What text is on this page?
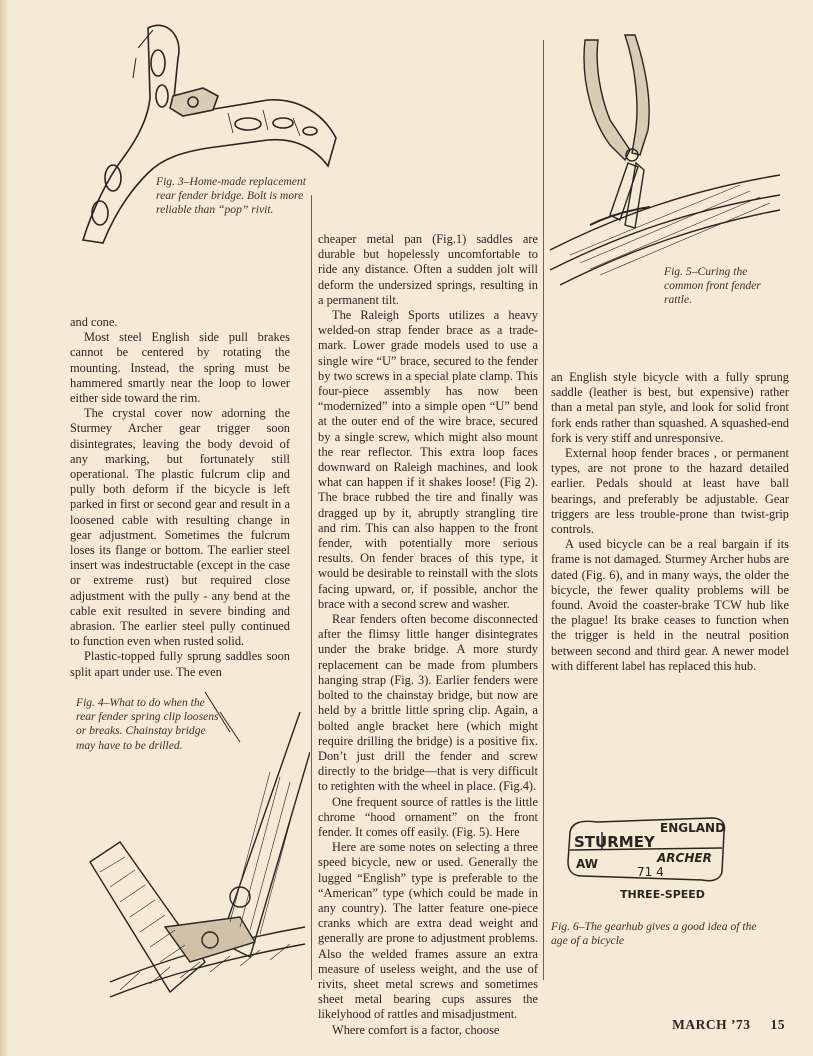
Fig. 3–Home-made replacement rear fender bridge. Bolt is more reliable than “pop” rivit.
Fig. 4–What to do when the rear fender spring clip loosens or breaks. Chainstay bridge may have to be drilled.
Fig. 5–Curing the common front fender rattle.
ENGLAND
STURMEY
ARCHER
AW
71 4
THREE-SPEED
Fig. 6–The gearhub gives a good idea of the age of a bicycle

and cone.

Most steel English side pull brakes cannot be centered by rotating the mounting. Instead, the spring must be hammered smartly near the loop to lower either side toward the rim.

The crystal cover now adorning the Sturmey Archer gear trigger soon disintegrates, leaving the body devoid of any marking, but fortunately still operational. The plastic fulcrum clip and pully both deform if the bicycle is left parked in first or second gear and result in a loosened cable with resulting change in gear adjustment. Sometimes the fulcrum loses its flange or bottom. The earlier steel insert was indestructable (except in the case or extreme rust) but required close adjustment with the pully - any bend at the cable exit resulted in severe binding and abrasion. The earlier steel pully continued to function even when rusted solid.

Plastic-topped fully sprung saddles soon split apart under use. The even

cheaper metal pan (Fig.1) saddles are durable but hopelessly uncomfortable to ride any distance. Often a sudden jolt will deform the undersized springs, resulting in a permanent tilt.

The Raleigh Sports utilizes a heavy welded-on strap fender brace as a trade-mark. Lower grade models used to use a single wire “U” brace, secured to the fender by two screws in a special plate clamp. This four-piece assembly has now been “modernized” into a simple open “U” bend at the outer end of the wire brace, secured by a single screw, which might also mount the rear reflector. This extra loop faces downward on Raleigh machines, and look what can happen if it shakes loose! (Fig 2). The brace rubbed the tire and finally was dragged up by it, abruptly strangling tire and rim. This can also happen to the front fender, with potentially more serious results. On fender braces of this type, it would be desirable to reinstall with the slots facing upward, or, if possible, anchor the brace with a second screw and washer.

Rear fenders often become disconnected after the flimsy little hanger disintegrates under the brake bridge. A more sturdy replacement can be made from plumbers hanging strap (Fig. 3). Earlier fenders were bolted to the chainstay bridge, but now are held by a brittle little spring clip. Again, a bolted angle bracket here (which might require drilling the bridge) is a positive fix. Don’t just drill the fender and screw directly to the bridge—that is very difficult to retighten with the wheel in place. (Fig.4).

One frequent source of rattles is the little chrome “hood ornament” on the front fender. It comes off easily. (Fig. 5). Here

Here are some notes on selecting a three speed bicycle, new or used. Generally the lugged “English” type is preferable to the “American” type (which could be made in any country). The latter feature one-piece cranks which are extra dead weight and generally are prone to adjustment problems. Also the welded frames assure an extra measure of useless weight, and the use of rivits, sheet metal screws and sometimes sheet metal bearing cups assures the likelyhood of rattles and misadjustment.

Where comfort is a factor, choose

an English style bicycle with a fully sprung saddle (leather is best, but expensive) rather than a metal pan style, and look for solid front fork ends rather than squashed. A squashed-end fork is very stiff and unresponsive.

External hoop fender braces , or permanent types, are not prone to the hazard detailed earlier. Pedals should at least have ball bearings, and preferably be adjustable. Gear triggers are less trouble-prone than twist-grip controls.

A used bicycle can be a real bargain if its frame is not damaged. Sturmey Archer hubs are dated (Fig. 6), and in many ways, the older the bicycle, the fewer quality problems will be found. Avoid the coaster-brake TCW hub like the plague! Its brake ceases to function when the trigger is held in the neutral position between second and third gear. A newer model with different label has replaced this hub.

MARCH ’73 15
